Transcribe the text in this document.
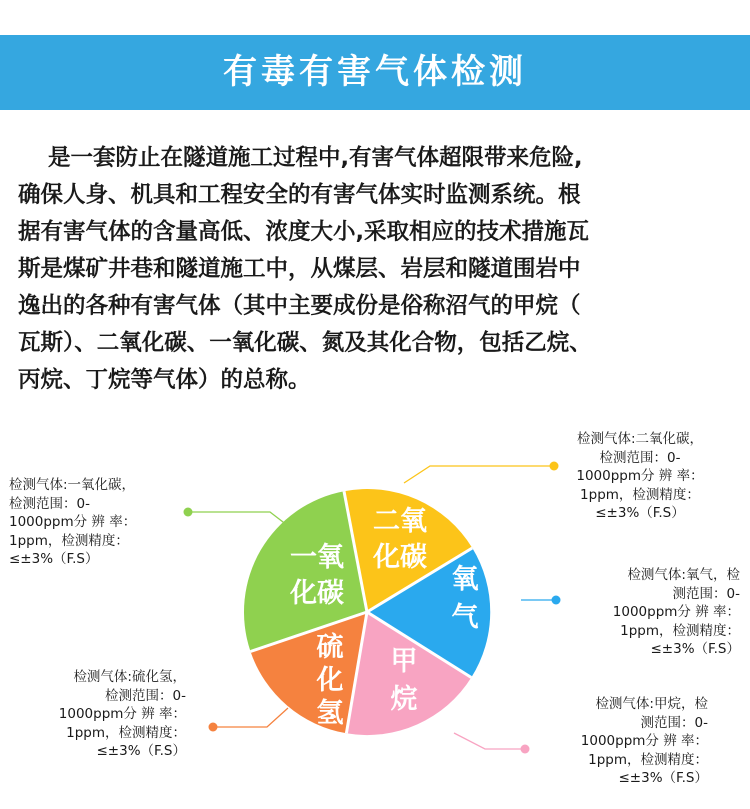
有毒有害气体检测

是一套防止在隧道施工过程中,有害气体超限带来危险,
确保人身、机具和工程安全的有害气体实时监测系统。根
据有害气体的含量高低、浓度大小,采取相应的技术措施瓦
斯是煤矿井巷和隧道施工中，从煤层、岩层和隧道围岩中
逸出的各种有害气体（其中主要成份是俗称沼气的甲烷（
瓦斯）、二氧化碳、一氧化碳、氮及其化合物，包括乙烷、
丙烷、丁烷等气体）的总称。

一氧化碳
二氧化碳
氧气
甲烷
硫化氢
检测气体:一氧化碳，
检测范围：0-
1000ppm分 辨 率：
1ppm，检测精度：
≤±3%（F.S）
检测气体:二氧化碳，
检测范围：0-
1000ppm分 辨 率：
1ppm，检测精度：
≤±3%（F.S）
检测气体:氧气，检
测范围：0-
1000ppm分 辨 率：
1ppm，检测精度：
≤±3%（F.S）
检测气体:硫化氢，
检测范围：0-
1000ppm分 辨 率：
1ppm，检测精度：
≤±3%（F.S）
检测气体:甲烷，检
测范围：0-
1000ppm分 辨 率：
1ppm，检测精度：
≤±3%（F.S）
